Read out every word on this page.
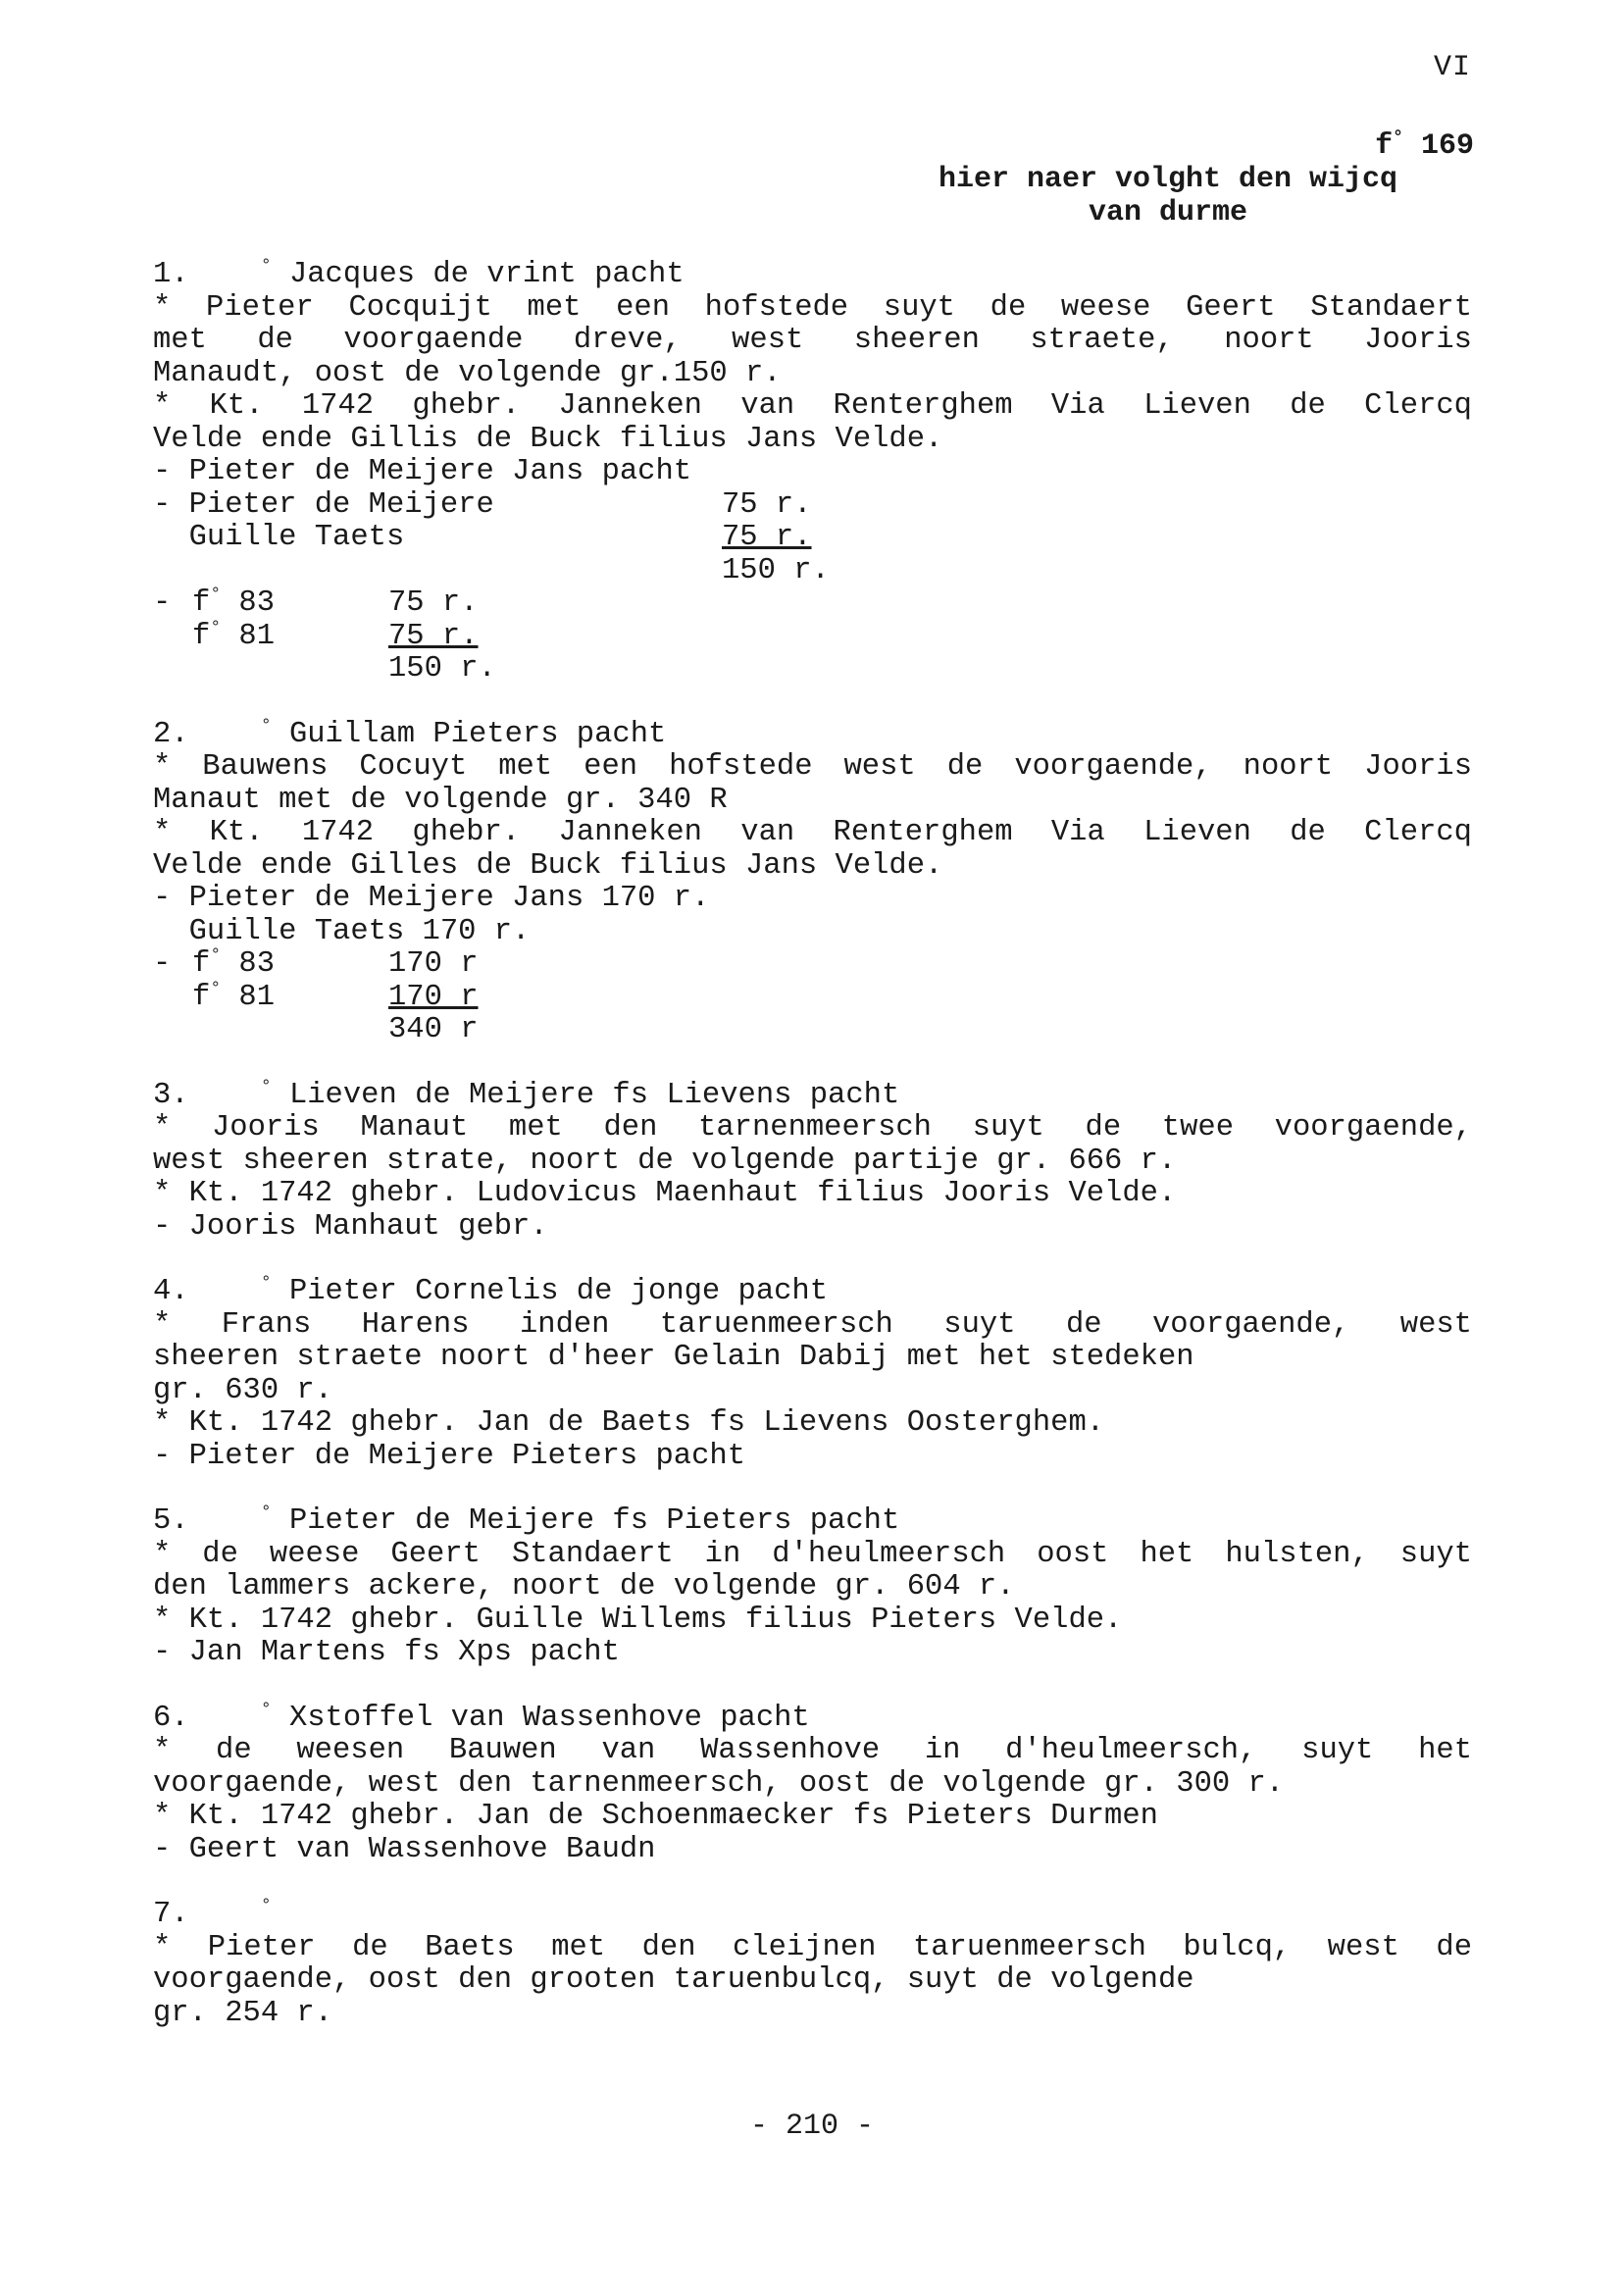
VI
f° 169
hier naer volght den wijcq
van durme
1.	° Jacques de vrint pacht
* Pieter Cocquijt met een hofstede suyt de weese Geert Standaert
met de voorgaende dreve, west sheeren straete, noort Jooris
Manaudt, oost de volgende gr.150 r.
* Kt. 1742 ghebr. Janneken van Renterghem Via Lieven de Clercq
Velde ende Gillis de Buck filius Jans Velde.
- Pieter de Meijere Jans pacht
- Pieter de Meijere	75 r.
Guille Taets	75 r.
150 r.
- f° 83	75 r.
f° 81	75 r.
150 r.
2.	° Guillam Pieters pacht
* Bauwens Cocuyt met een hofstede west de voorgaende, noort Jooris
Manaut met de volgende gr. 340 R
* Kt. 1742 ghebr. Janneken van Renterghem Via Lieven de Clercq
Velde ende Gilles de Buck filius Jans Velde.
- Pieter de Meijere Jans 170 r.
Guille Taets 170 r.
- f° 83	170 r
f° 81	170 r
340 r
3.	° Lieven de Meijere fs Lievens pacht
* Jooris Manaut met den tarnenmeersch suyt de twee voorgaende,
west sheeren strate, noort de volgende partije gr. 666 r.
* Kt. 1742 ghebr. Ludovicus Maenhaut filius Jooris Velde.
- Jooris Manhaut gebr.
4.	° Pieter Cornelis de jonge pacht
* Frans Harens inden taruenmeersch suyt de voorgaende, west
sheeren straete noort d'heer Gelain Dabij met het stedeken
gr. 630 r.
* Kt. 1742 ghebr. Jan de Baets fs Lievens Oosterghem.
- Pieter de Meijere Pieters pacht
5.	° Pieter de Meijere fs Pieters pacht
* de weese Geert Standaert in d'heulmeersch oost het hulsten, suyt
den lammers ackere, noort de volgende gr. 604 r.
* Kt. 1742 ghebr. Guille Willems filius Pieters Velde.
- Jan Martens fs Xps pacht
6.	° Xstoffel van Wassenhove pacht
* de weesen Bauwen van Wassenhove in d'heulmeersch, suyt het
voorgaende, west den tarnenmeersch, oost de volgende gr. 300 r.
* Kt. 1742 ghebr. Jan de Schoenmaecker fs Pieters Durmen
- Geert van Wassenhove Baudn
7.	°
* Pieter de Baets met den cleijnen taruenmeersch bulcq, west de
voorgaende, oost den grooten taruenbulcq, suyt de volgende
gr. 254 r.
- 210 -
